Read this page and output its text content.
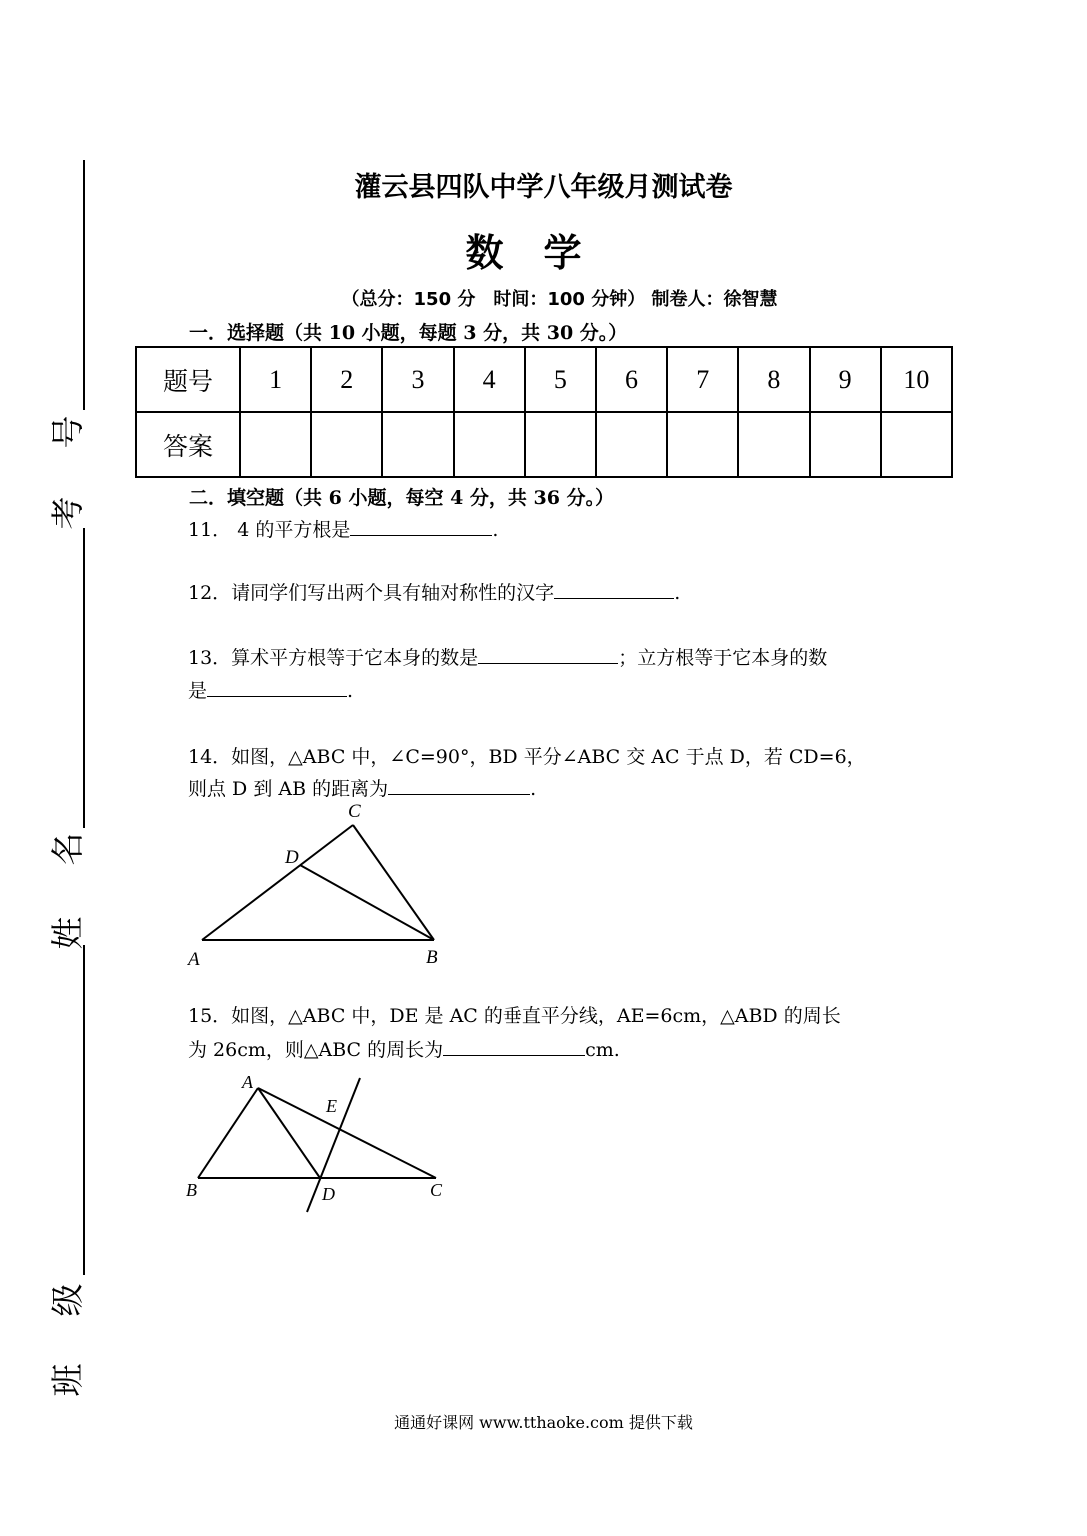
号
考
名
姓
级
班
灌云县四队中学八年级月测试卷
数学
（总分：150 分　时间：100 分钟） 制卷人：徐智慧
一．选择题（共 10 小题，每题 3 分，共 30 分。）
题号	1	2	3	4	5	6	7	8	9	10
答案										
二．填空题（共 6 小题，每空 4 分，共 36 分。）
11． 4 的平方根是	.
12．请同学们写出两个具有轴对称性的汉字	.
13．算术平方根等于它本身的数是	；立方根等于它本身的数
是	.
14．如图，△ABC 中，∠C=90°，BD 平分∠ABC 交 AC 于点 D，若 CD=6，
则点 D 到 AB 的距离为	.
C
D
A	B
15．如图，△ABC 中，DE 是 AC 的垂直平分线，AE=6cm，△ABD 的周长
为 26cm，则△ABC 的周长为	cm.
A
E
B	D	C
通通好课网 www.tthaoke.com 提供下载
